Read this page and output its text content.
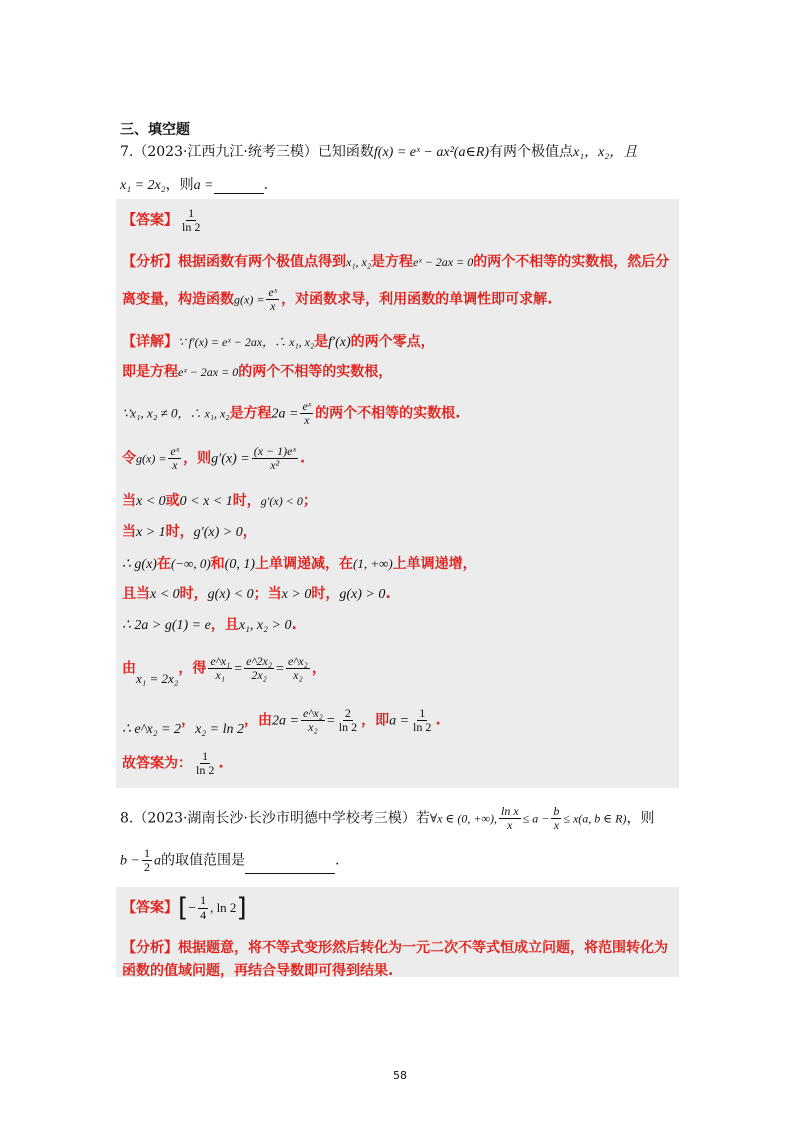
三、填空题
7.（2023·江西九江·统考三模）已知函数f(x) = eˣ − ax²(a∈R)有两个极值点x₁，x₂，且
x₁ = 2x₂，则a =	.
【答案】 $\frac{1}{\ln 2}$
【分析】根据函数有两个极值点得到x₁, x₂是方程eˣ − 2ax = 0的两个不相等的实数根，然后分
离变量，构造函数$g(x) = \frac{\text{eˣ}}{x}$ ，对函数求导，利用函数的单调性即可求解.
【详解】∵ f′(x) = eˣ − 2ax，∴ x₁, x₂是f′(x)的两个零点，
即是方程eˣ − 2ax = 0的两个不相等的实数根，
∵x₁, x₂ ≠ 0，∴ x₁, x₂是方程$2a = \frac{\text{eˣ}}{x}$ 的两个不相等的实数根.
令$g(x) = \frac{\text{eˣ}}{x}$ ，则$g'(x) = \frac{\text{(x − 1)eˣ}}{\text{x²}}$ .
当x < 0或0 < x < 1时，g′(x) < 0；
当x > 1时，g′(x) > 0，
∴ g(x)在(−∞, 0)和(0, 1)上单调递减，在(1, +∞)上单调递增，
且当x < 0时，g(x) < 0；当x > 0时，g(x) > 0.
∴ 2a > g(1) = e，且x₁, x₂ > 0.
由x₁ = 2x₂，得 $\frac{\text{e\textasciicircum{}x₁}}{\text{x₁}} = \frac{\text{e\textasciicircum{}2x₂}}{\text{2x₂}} = \frac{\text{e\textasciicircum{}x₂}}{\text{x₂}}$ ，
∴ e^x₂ = 2，x₂ = ln 2，由$2a = \frac{\text{e\textasciicircum{}x₂}}{\text{x₂}} = \frac{2}{\ln 2}$ ，即$a = \frac{1}{\ln 2}$ .
故答案为： $\frac{1}{\ln 2}$ .
8.（2023·湖南长沙·长沙市明德中学校考三模）若∀x ∈ (0, +∞), $\frac{\text{ln x}}{x} \le a - \frac{b}{x} \le x(a$, b ∈ R)，则
$b - \frac{1}{2}$ a的取值范围是	.
【答案】[− $\frac{1}{4}$ , ln 2]
【分析】根据题意，将不等式变形然后转化为一元二次不等式恒成立问题，将范围转化为
函数的值域问题，再结合导数即可得到结果.
58
